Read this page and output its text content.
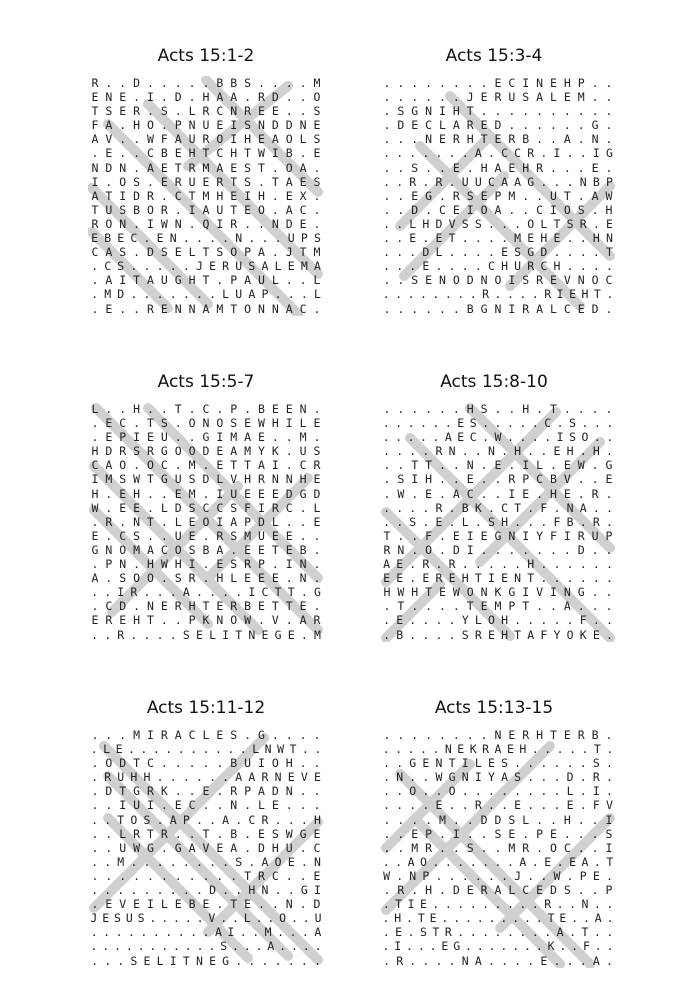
Acts 15:1-2
R . . D . . . . . B B S . . . . M
E N E . I . D . H A A . R D . . O
T S E R . S . L R C N R E E . . S
F A . H O . P N U E I S N D D N E
A V . . W F A U R O I H E A O L S
. E . . C B E H T C H T W I B . E
N D N . A E T R M A E S T . O A .
I . O S . E R U E R T S . T A E S
A T I D R . C T M H E I H . E X .
T U S B O R . I A U T E O . A C .
R O N . I W N . Q I R . . N D E .
E B E C . E N . . . . N . . . U P S
C A S . D S E L T S O P A . J T M
. C S . . . . . J E R U S A L E M A
. A I T A U G H T . P A U L . . L
. M D . . . . . . . L U A P . . . L
. E . . R E N N A M T O N N A C .
Acts 15:3-4
. . . . . . . . E C I N E H P . .
. . . . . . J E R U S A L E M . .
. S G N I H T . . . . . . . . . .
. D E C L A R E D . . . . . . G .
. . . N E R H T E R B . . A . N .
. . . . . . . A . C C R . I . . I G
. . S . . E . H A E H R . . . E .
. . R . R . U U C A A G . . . N B P
. . E G . R S E P M . . U T . A W
. . D . C E I O A . . C I O S . H
. . L H D V S S . . . O L T S R . E
. . E . E T . . . . M E H E . . H N
. . . D L . . . . E S G D . . . . T
. . . E . . . . C H U R C H . . . .
. . S E N O D N O I S R E V N O C
. . . . . . . . R . . . . R I E H T .
. . . . . . B G N I R A L C E D .
Acts 15:5-7
L . . H . . T . C . P . B E E N .
. E C . T S . O N O S E W H I L E
. E P I E U . . G I M A E . . M .
H D R S R G O O D E A M Y K . U S
C A O . O C . M . E T T A I . C R
I M S W T G U S D L V H R N N H E
H . E H . . E M . I U E E E D G D
W . E E . L D S C C S F I R C . L
. R . N T . L E O I A P D L . . E
E . C S . . U E . R S M U E E . .
G N O M A C O S B A . E E T E B .
. P N . H W H I . E S R P . I N .
A . S O O . S R . H L E E E . N .
. . I R . . . A . . . . I C T T . G
. C D . N E R H T E R B E T T E .
E R E H T . . P K N O W . V . A R
. . R . . . . S E L I T N E G E . M
Acts 15:8-10
. . . . . . H S . . H . T . . . .
. . . . . . E S . . . . . C . S . . .
. . . . . A E C . W . . . . I S O . .
. . . . R N . . N . H . . E H . H .
. . T T . . N . E . I L . E W . G
. S I H . . E . . R P C B V . . E
. W . E . A C . . I E . H E . R .
. . . . R . B K . C T . F . N A . .
. . S . E . L . S H . . . F B . R .
T . . F . E I E G N I Y F I R U P
R N . O . D I . . . . . . . D . .
A E . R . R . . . . . H . . . . . .
E E . E R E H T I E N T . . . . . .
H W H T E W O N K G I V I N G . .
. T . . . . T E M P T . . A . . .
. E . . . . Y L O H . . . . . F . .
. B . . . . S R E H T A F Y O K E .
Acts 15:11-12
. . . M I R A C L E S . G . . . .
. L E . . . . . . . . . . L N W T . .
. O D T C . . . . . B U I O H . .
. R U H H . . . . . . A A R N E V E
. D T G R K . . E . R P A D N . .
. . I U I . E C . . N . L E . . .
. . T O S . A P . . A . C R . . . H
. . L R T R . . T . B . E S W G E
. . U W G . G A V E A . D H U . C
. . M . . . . . . . . S . A O E . N
. . . . . . . . . . . T R C . . E
. . . . . . . . . D . . H N . . G I
. E V E I L E B E . T E . . N . D
J E S U S . . . . . V . . L . . O . . U
. . . . . . . . . . A I . . M . . . A
. . . . . . . . . . . S . . . A . . . .
. . . S E L I T N E G . . . . . . .
Acts 15:13-15
. . . . . . . . N E R H T E R B .
. . . . . N E K R A E H . . . . . T .
. . G E N T I L E S . . . . . . S .
. N . . W G N I Y A S . . . D . R .
. . O . . O . . . . . . . . L . I .
. . . . E . . R . . E . . . E . F V
. . . . M . . D D S L . . H . . I
. . E P . I . . S E . P E . . . S
. . M R . . S . . M R . O C . . I
. . A O . . . . . . . A . E . E A . T
W . N P . . . . . . J . . W . P E .
. R . H . D E R A L C E D S . . P
. T I E . . . . . . . . . R . . N . .
. H . T E . . . . . . . . . T E . . A .
. E . S T R . . . . . . . . A . T . .
. I . . . E G . . . . . . . K . . F . .
. R . . . . N A . . . . E . . . A .
